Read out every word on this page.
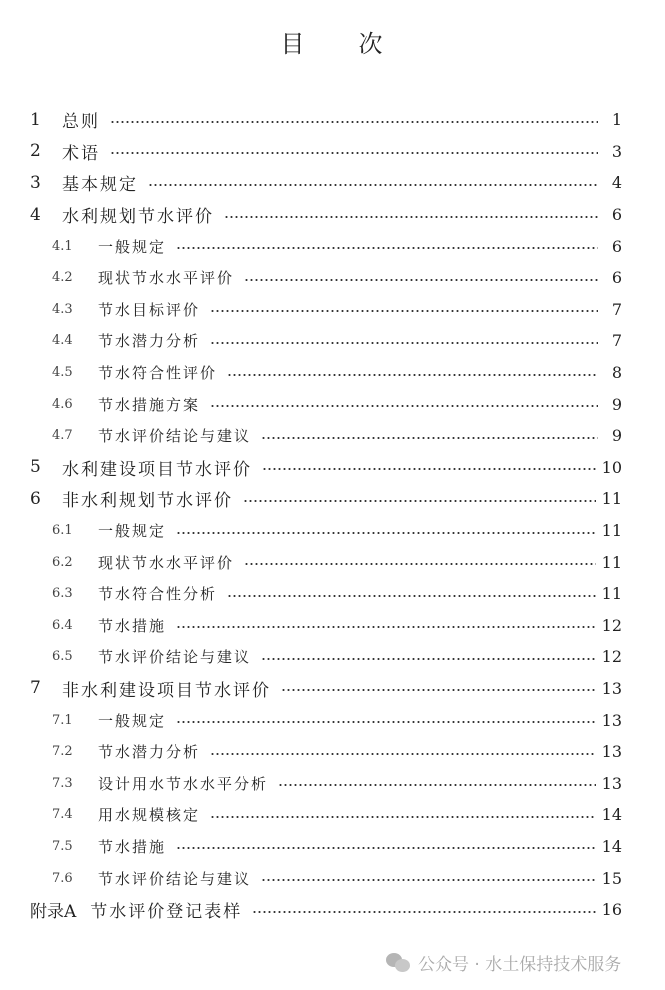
目 次
1	总则	1
2	术语	3
3	基本规定	4
4	水利规划节水评价	6
4.1	一般规定	6
4.2	现状节水水平评价	6
4.3	节水目标评价	7
4.4	节水潜力分析	7
4.5	节水符合性评价	8
4.6	节水措施方案	9
4.7	节水评价结论与建议	9
5	水利建设项目节水评价	10
6	非水利规划节水评价	11
6.1	一般规定	11
6.2	现状节水水平评价	11
6.3	节水符合性分析	11
6.4	节水措施	12
6.5	节水评价结论与建议	12
7	非水利建设项目节水评价	13
7.1	一般规定	13
7.2	节水潜力分析	13
7.3	设计用水节水水平分析	13
7.4	用水规模核定	14
7.5	节水措施	14
7.6	节水评价结论与建议	15
附录A 节水评价登记表样	16
公众号 · 水土保持技术服务
